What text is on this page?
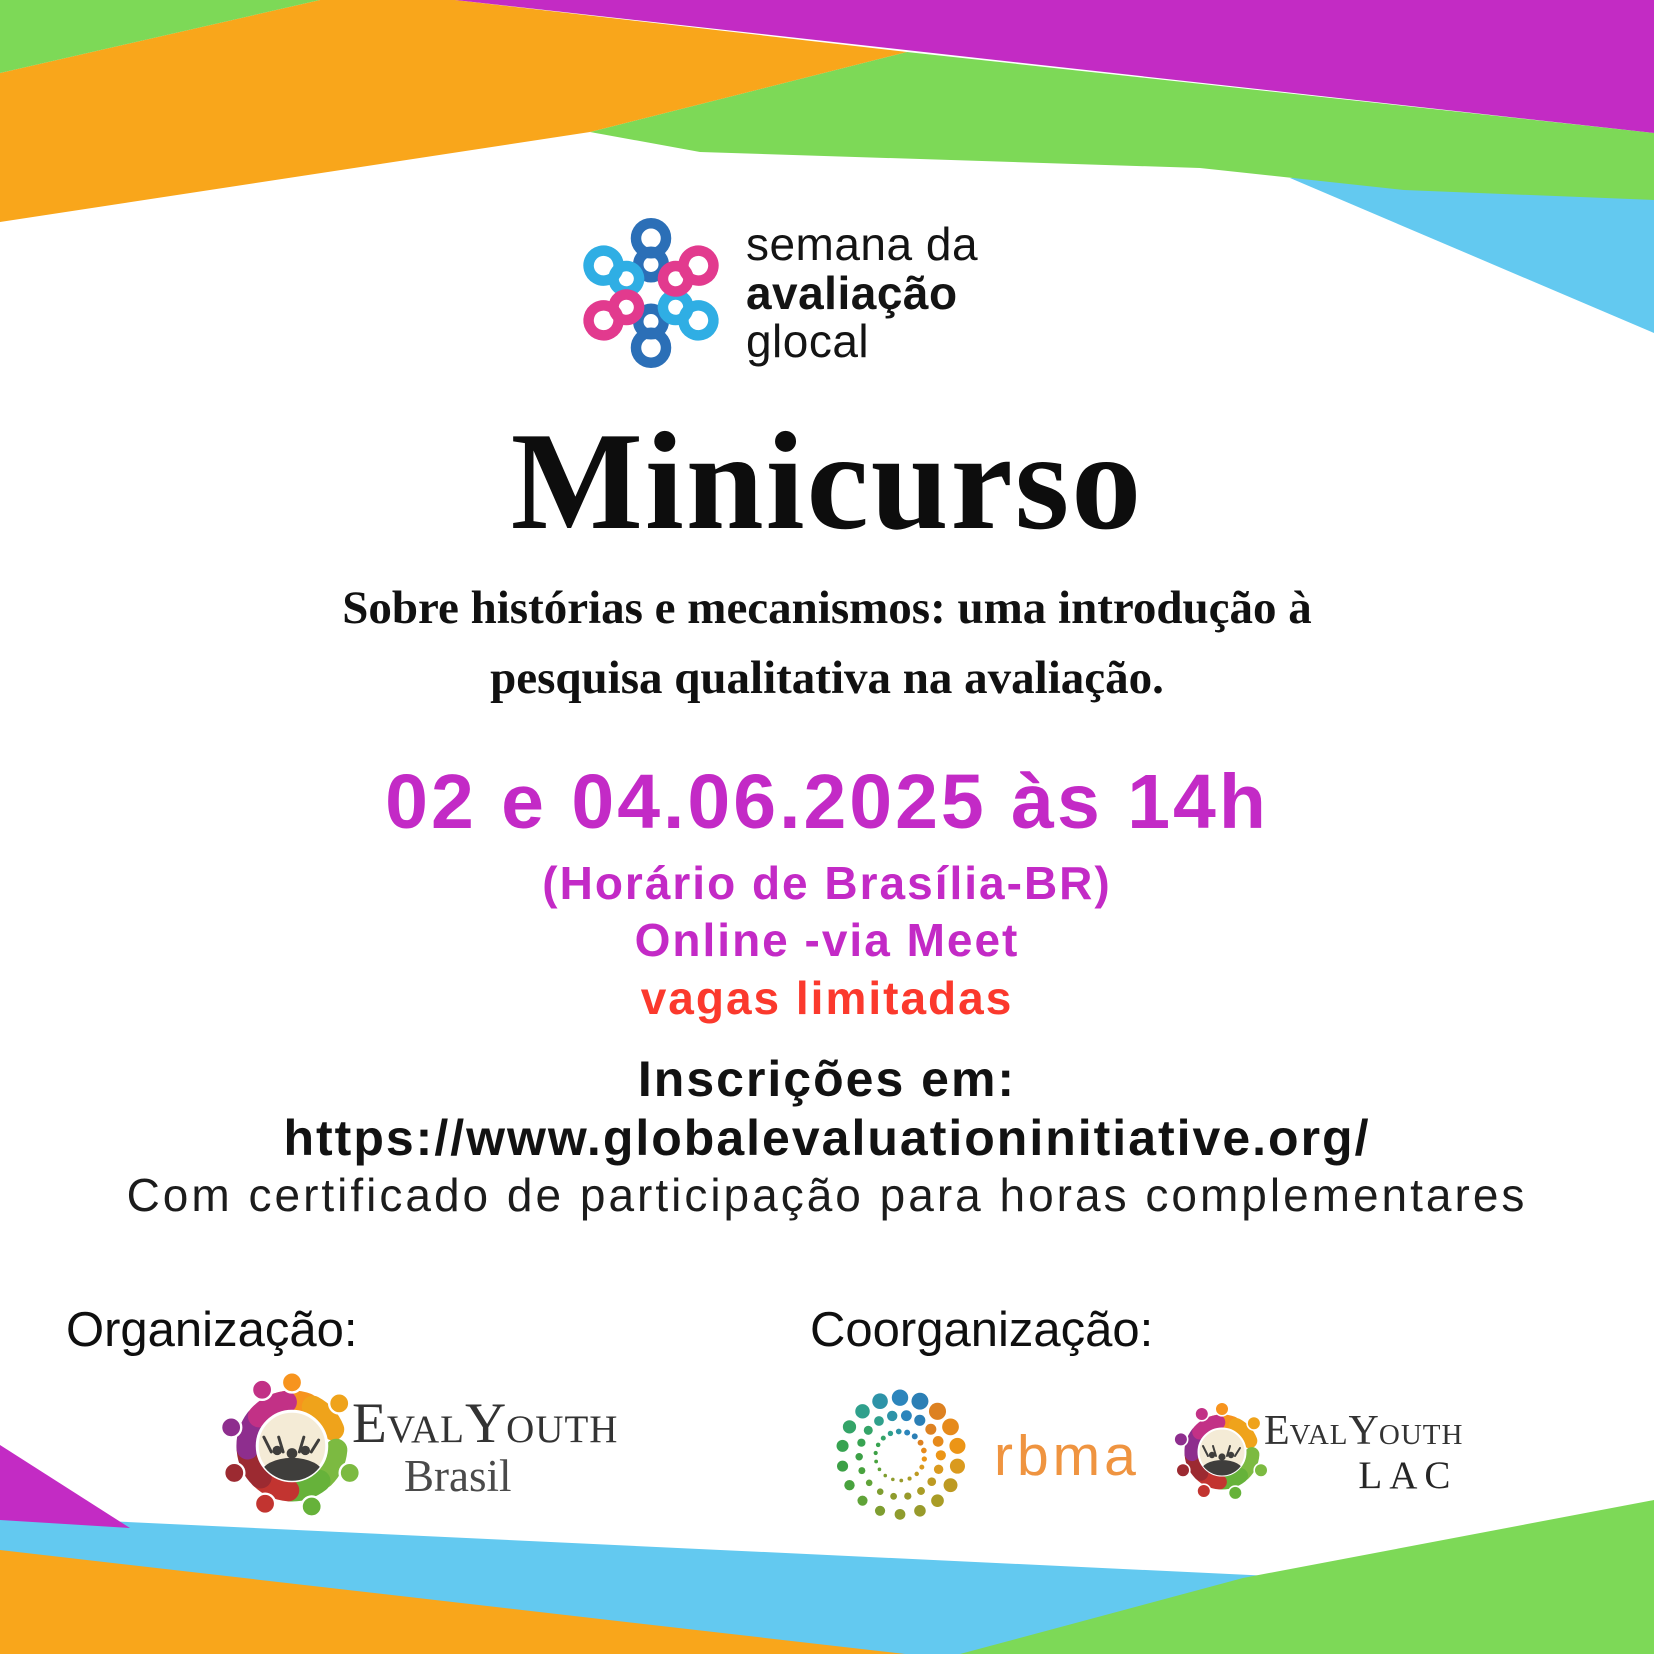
semana da
avaliação
glocal
Minicurso
Sobre histórias e mecanismos: uma introdução à
pesquisa qualitativa na avaliação.
02 e 04.06.2025 às 14h
(Horário de Brasília-BR)
Online -via Meet
vagas limitadas
Inscrições em:
https://www.globalevaluationinitiative.org/
Com certificado de participação para horas complementares
Organização:	Coorganização:
EVALYOUTH
Brasil	rbma	EVALYOUTH
LAC
